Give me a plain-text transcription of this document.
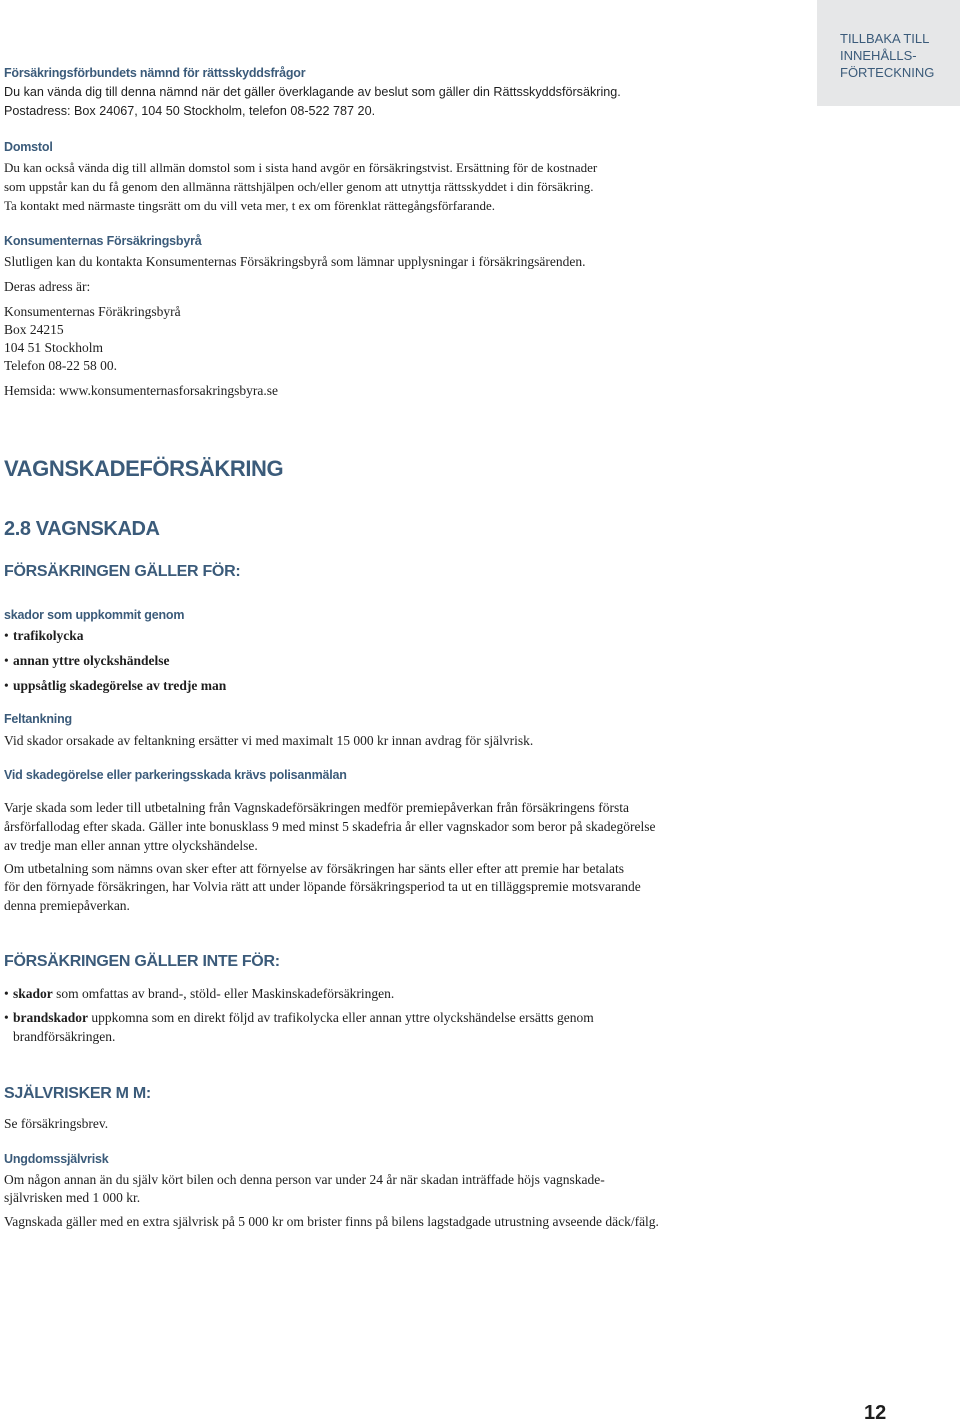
TILLBAKA TILL INNEHÅLLS-FÖRTECKNING
Försäkringsförbundets nämnd för rättsskyddsfrågor
Du kan vända dig till denna nämnd när det gäller överklagande av beslut som gäller din Rättsskyddsförsäkring.
Postadress: Box 24067, 104 50 Stockholm, telefon 08-522 787 20.
Domstol
Du kan också vända dig till allmän domstol som i sista hand avgör en försäkringstvist. Ersättning för de kostnader
som uppstår kan du få genom den allmänna rättshjälpen och/eller genom att utnyttja rättsskyddet i din försäkring.
Ta kontakt med närmaste tingsrätt om du vill veta mer, t ex om förenklat rättegångsförfarande.
Konsumenternas Försäkringsbyrå
Slutligen kan du kontakta Konsumenternas Försäkringsbyrå som lämnar upplysningar i försäkringsärenden.
Deras adress är:
Konsumenternas Föräkringsbyrå
Box 24215
104 51 Stockholm
Telefon 08-22 58 00.
Hemsida: www.konsumenternasforsakringsbyra.se
VAGNSKADEFÖRSÄKRING
2.8 VAGNSKADA
FÖRSÄKRINGEN GÄLLER FÖR:
skador som uppkommit genom
• trafikolycka
• annan yttre olyckshändelse
• uppsåtlig skadegörelse av tredje man
Feltankning
Vid skador orsakade av feltankning ersätter vi med maximalt 15 000 kr innan avdrag för självrisk.
Vid skadegörelse eller parkeringsskada krävs polisanmälan
Varje skada som leder till utbetalning från Vagnskadeförsäkringen medför premiepåverkan från försäkringens första
årsförfallodag efter skada. Gäller inte bonusklass 9 med minst 5 skadefria år eller vagnskador som beror på skadegörelse
av tredje man eller annan yttre olyckshändelse.
Om utbetalning som nämns ovan sker efter att förnyelse av försäkringen har sänts eller efter att premie har betalats
för den förnyade försäkringen, har Volvia rätt att under löpande försäkringsperiod ta ut en tilläggspremie motsvarande
denna premiepåverkan.
FÖRSÄKRINGEN GÄLLER INTE FÖR:
• skador som omfattas av brand-, stöld- eller Maskinskadeförsäkringen.
• brandskador uppkomna som en direkt följd av trafikolycka eller annan yttre olyckshändelse ersätts genom
brandförsäkringen.
SJÄLVRISKER M M:
Se försäkringsbrev.
Ungdomssjälvrisk
Om någon annan än du själv kört bilen och denna person var under 24 år när skadan inträffade höjs vagnskade-
självrisken med 1 000 kr.
Vagnskada gäller med en extra självrisk på 5 000 kr om brister finns på bilens lagstadgade utrustning avseende däck/fälg.
12
